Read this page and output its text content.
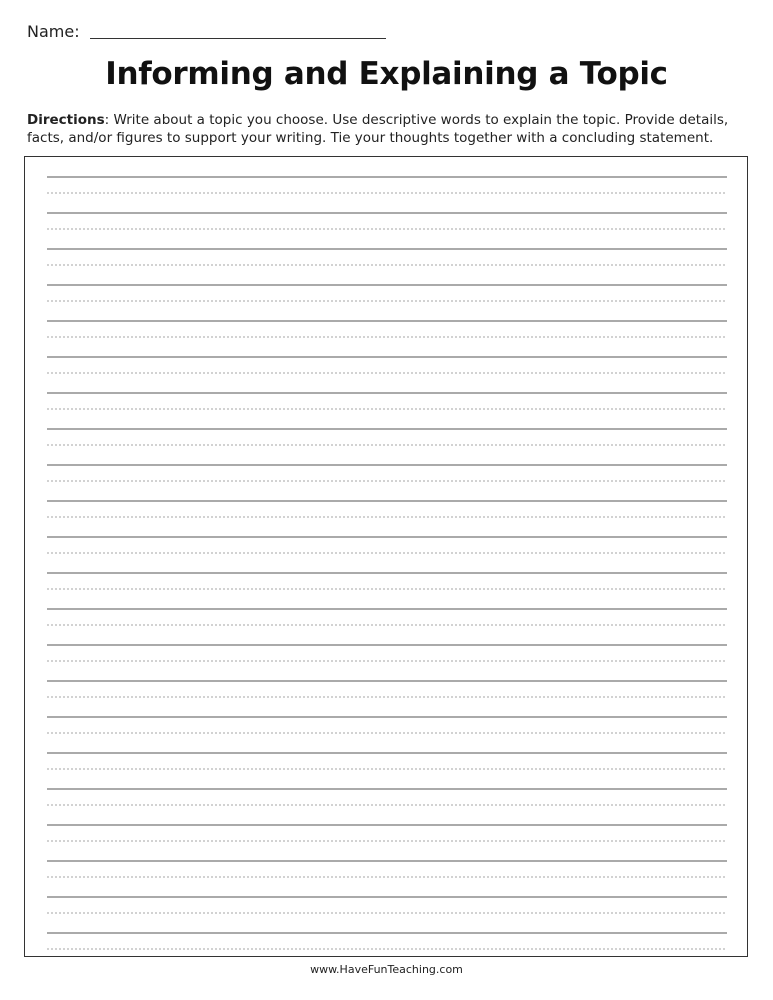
Name:
Informing and Explaining a Topic
Directions: Write about a topic you choose. Use descriptive words to explain the topic. Provide details, facts, and/or figures to support your writing. Tie your thoughts together with a concluding statement.
www.HaveFunTeaching.com
